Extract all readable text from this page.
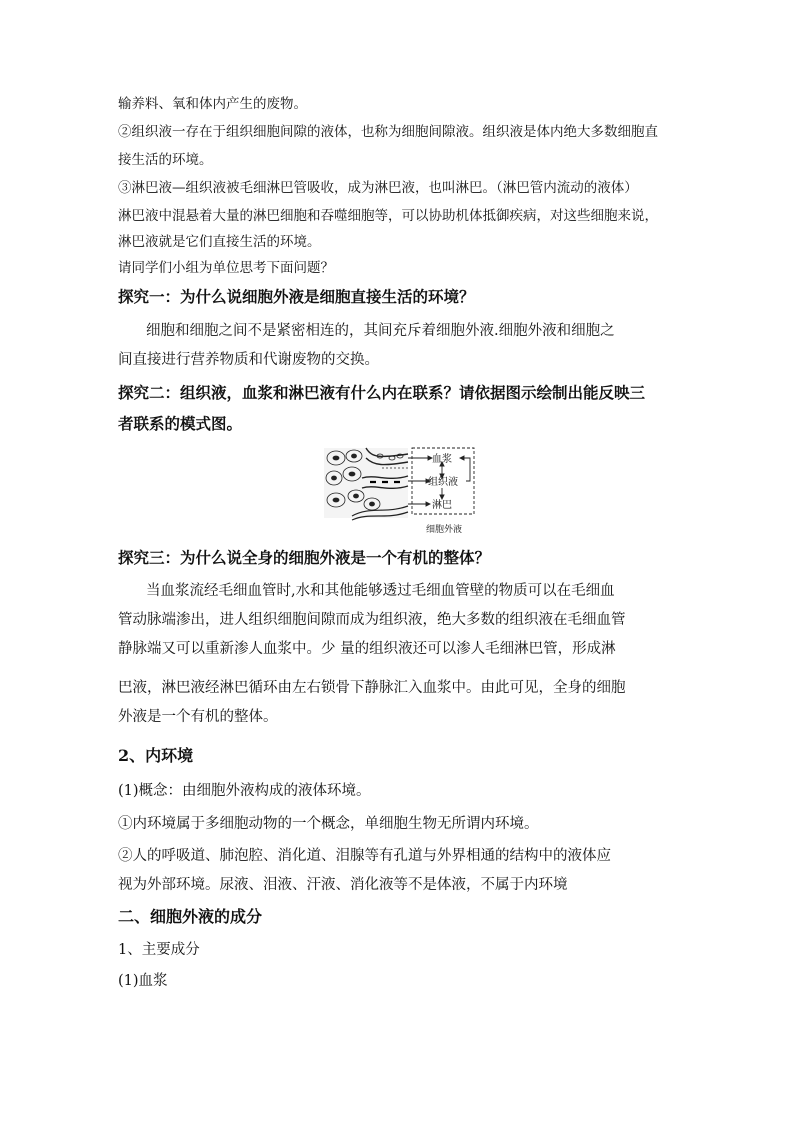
输养料、氧和体内产生的废物。
②组织液一存在于组织细胞间隙的液体，也称为细胞间隙液。组织液是体内绝大多数细胞直
接生活的环境。
③淋巴液—组织液被毛细淋巴管吸收，成为淋巴液，也叫淋巴。（淋巴管内流动的液体）
淋巴液中混悬着大量的淋巴细胞和吞噬细胞等，可以协助机体抵御疾病，对这些细胞来说，
淋巴液就是它们直接生活的环境。
请同学们小组为单位思考下面问题？
探究一：为什么说细胞外液是细胞直接生活的环境？
细胞和细胞之间不是紧密相连的，其间充斥着细胞外液.细胞外液和细胞之
间直接进行营养物质和代谢废物的交换。
探究二：组织液，血浆和淋巴液有什么内在联系？请依据图示绘制出能反映三
者联系的模式图。
血浆
组织液
淋巴
细胞外液
探究三：为什么说全身的细胞外液是一个有机的整体？
当血浆流经毛细血管时,水和其他能够透过毛细血管壁的物质可以在毛细血
管动脉端渗出，进人组织细胞间隙而成为组织液，绝大多数的组织液在毛细血管
静脉端又可以重新渗人血浆中。少 量的组织液还可以渗人毛细淋巴管，形成淋
巴液，淋巴液经淋巴循环由左右锁骨下静脉汇入血浆中。由此可见，全身的细胞
外液是一个有机的整体。
2、内环境
(1)概念：由细胞外液构成的液体环境。
①内环境属于多细胞动物的一个概念，单细胞生物无所谓内环境。
②人的呼吸道、肺泡腔、消化道、泪腺等有孔道与外界相通的结构中的液体应
视为外部环境。尿液、泪液、汗液、消化液等不是体液，不属于内环境
二、细胞外液的成分
1、主要成分
(1)血浆
